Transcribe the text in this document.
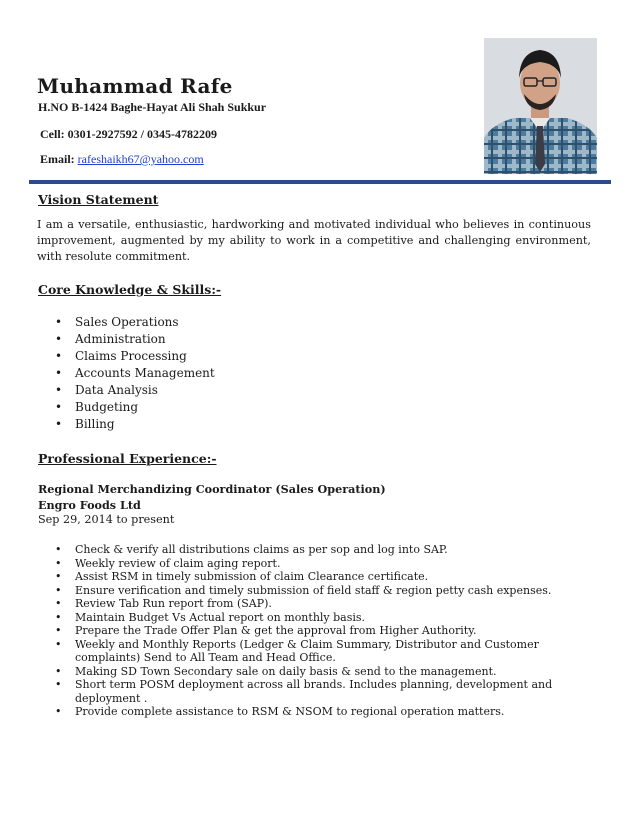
Muhammad Rafe

H.NO B-1424 Baghe-Hayat Ali Shah Sukkur

Cell: 0301-2927592 / 0345-4782209

Email: rafeshaikh67@yahoo.com

Vision Statement

I am a versatile, enthusiastic, hardworking and motivated individual who believes in continuous improvement, augmented by my ability to work in a competitive and challenging environment, with resolute commitment.

Core Knowledge & Skills:-
• Sales Operations
• Administration
• Claims Processing
• Accounts Management
• Data Analysis
• Budgeting
• Billing
Professional Experience:-

Regional Merchandizing Coordinator (Sales Operation)

Engro Foods Ltd

Sep 29, 2014 to present

• Check & verify all distributions claims as per sop and log into SAP.
• Weekly review of claim aging report.
• Assist RSM in timely submission of claim Clearance certificate.
• Ensure verification and timely submission of field staff & region petty cash expenses.
• Review Tab Run report from (SAP).
• Maintain Budget Vs Actual report on monthly basis.
• Prepare the Trade Offer Plan & get the approval from Higher Authority.
• Weekly and Monthly Reports (Ledger & Claim Summary, Distributor and Customer complaints) Send to All Team and Head Office.
• Making SD Town Secondary sale on daily basis & send to the management.
• Short term POSM deployment across all brands. Includes planning, development and deployment .
• Provide complete assistance to RSM & NSOM to regional operation matters.
